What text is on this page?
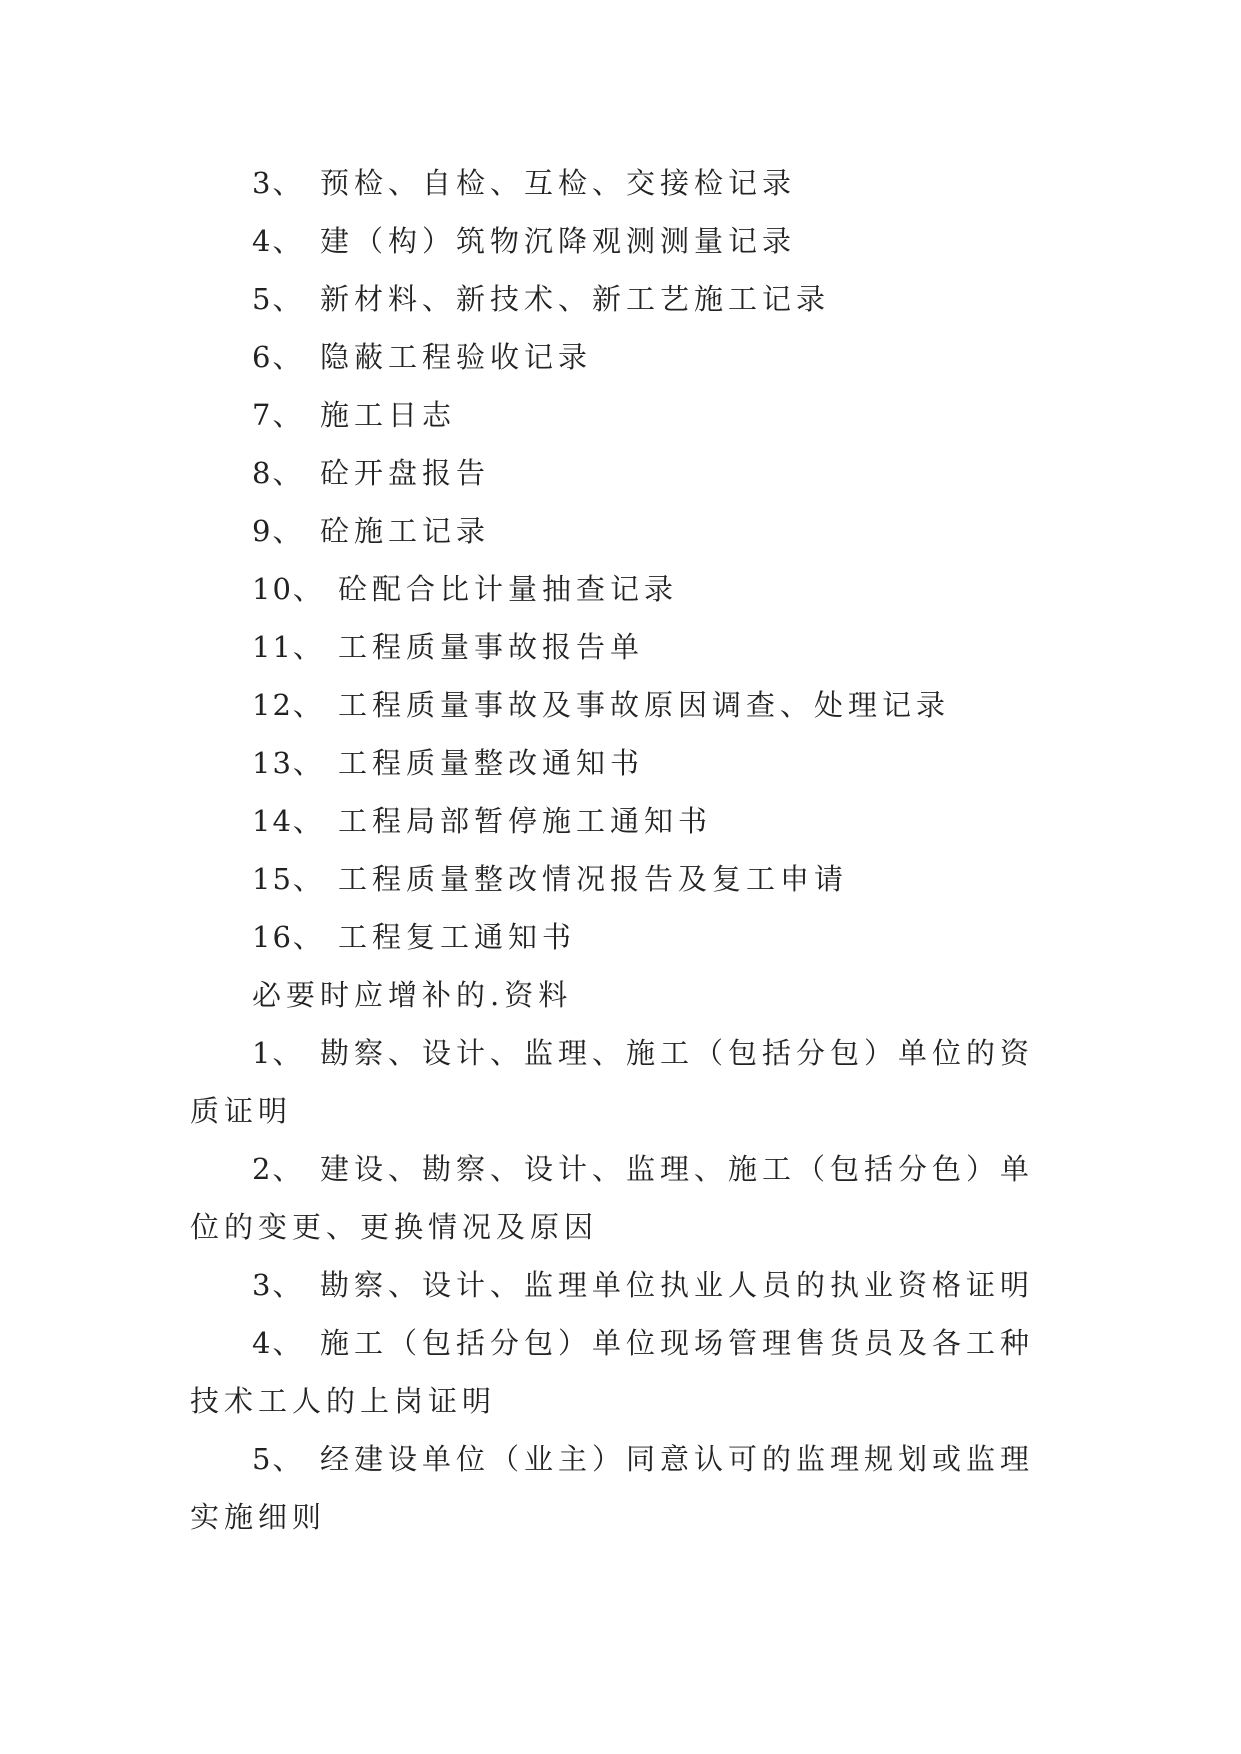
3、 预检、自检、互检、交接检记录
4、 建（构）筑物沉降观测测量记录
5、 新材料、新技术、新工艺施工记录
6、 隐蔽工程验收记录
7、 施工日志
8、 砼开盘报告
9、 砼施工记录
10、 砼配合比计量抽查记录
11、 工程质量事故报告单
12、 工程质量事故及事故原因调查、处理记录
13、 工程质量整改通知书
14、 工程局部暂停施工通知书
15、 工程质量整改情况报告及复工申请
16、 工程复工通知书
必要时应增补的.资料
1、 勘察、设计、监理、施工（包括分包）单位的资质证明
2、 建设、勘察、设计、监理、施工（包括分色）单位的变更、更换情况及原因
3、 勘察、设计、监理单位执业人员的执业资格证明
4、 施工（包括分包）单位现场管理售货员及各工种技术工人的上岗证明
5、 经建设单位（业主）同意认可的监理规划或监理实施细则
